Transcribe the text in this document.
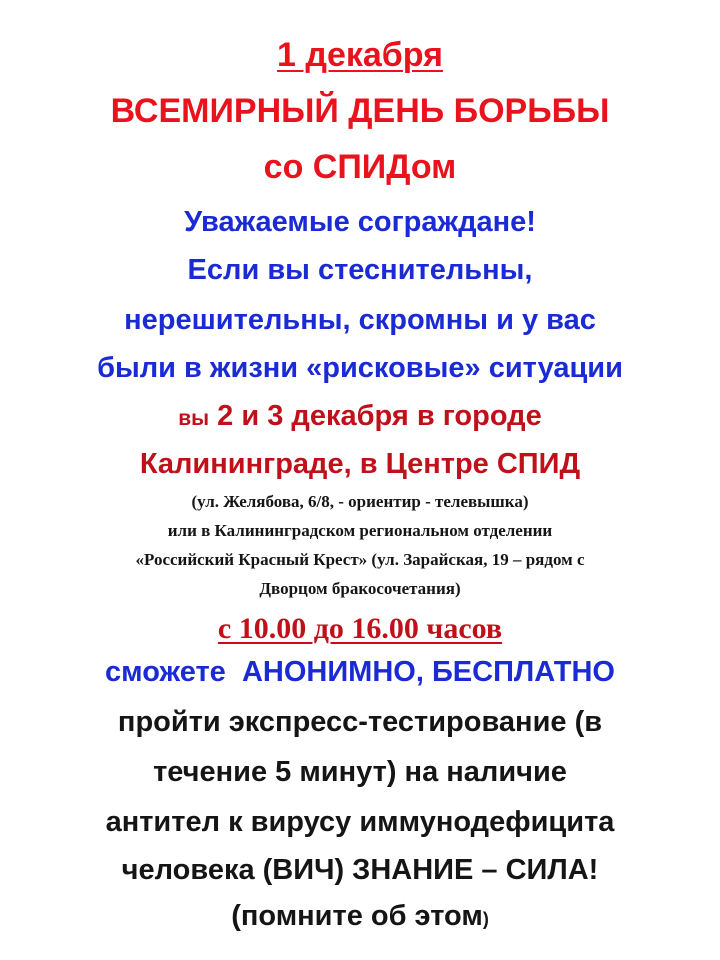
1 декабря
ВСЕМИРНЫЙ ДЕНЬ БОРЬБЫ
со СПИДом
Уважаемые сограждане!
Если вы стеснительны,
нерешительны, скромны и у вас
были в жизни «рисковые» ситуации
вы 2 и 3 декабря в городе
Калининграде, в Центре СПИД
(ул. Желябова, 6/8, - ориентир - телевышка)
или в Калининградском региональном отделении
«Российский Красный Крест» (ул. Зарайская, 19 – рядом с
Дворцом бракосочетания)
с 10.00 до 16.00 часов
сможете АНОНИМНО, БЕСПЛАТНО
пройти экспресс-тестирование (в
течение 5 минут) на наличие
антител к вирусу иммунодефицита
человека (ВИЧ) ЗНАНИЕ – СИЛА!
(помните об этом)
